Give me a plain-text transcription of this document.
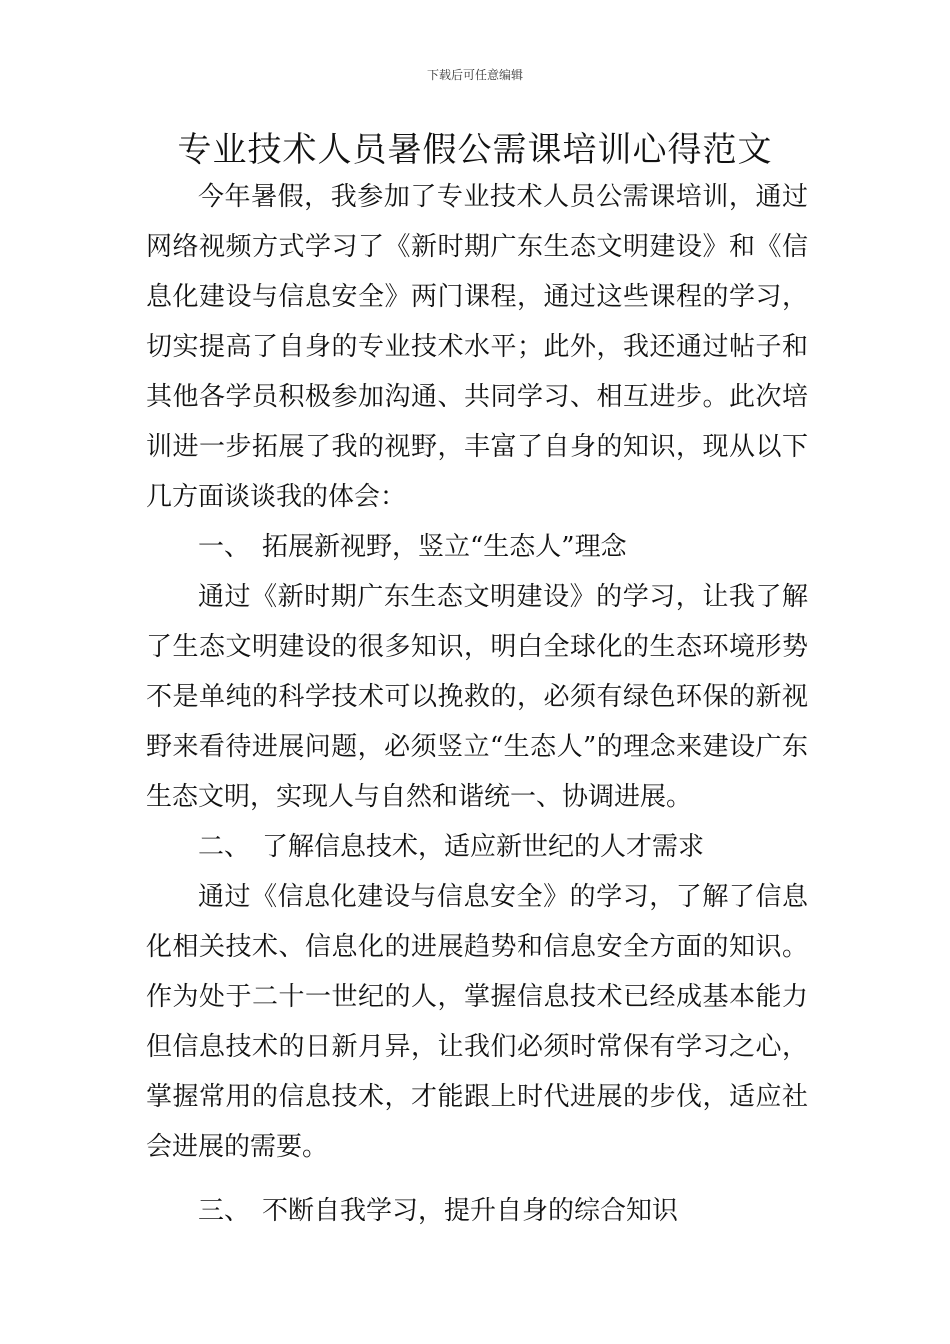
下载后可任意编辑
专业技术人员暑假公需课培训心得范文

今年暑假，我参加了专业技术人员公需课培训，通过网络视频方式学习了《新时期广东生态文明建设》和《信息化建设与信息安全》两门课程，通过这些课程的学习，切实提高了自身的专业技术水平；此外，我还通过帖子和其他各学员积极参加沟通、共同学习、相互进步。此次培训进一步拓展了我的视野，丰富了自身的知识，现从以下几方面谈谈我的体会：

一、 拓展新视野，竖立“生态人”理念

通过《新时期广东生态文明建设》的学习，让我了解了生态文明建设的很多知识，明白全球化的生态环境形势不是单纯的科学技术可以挽救的，必须有绿色环保的新视野来看待进展问题，必须竖立“生态人”的理念来建设广东生态文明，实现人与自然和谐统一、协调进展。

二、 了解信息技术，适应新世纪的人才需求

通过《信息化建设与信息安全》的学习，了解了信息化相关技术、信息化的进展趋势和信息安全方面的知识。作为处于二十一世纪的人，掌握信息技术已经成基本能力但信息技术的日新月异，让我们必须时常保有学习之心，掌握常用的信息技术，才能跟上时代进展的步伐，适应社会进展的需要。

三、 不断自我学习，提升自身的综合知识
